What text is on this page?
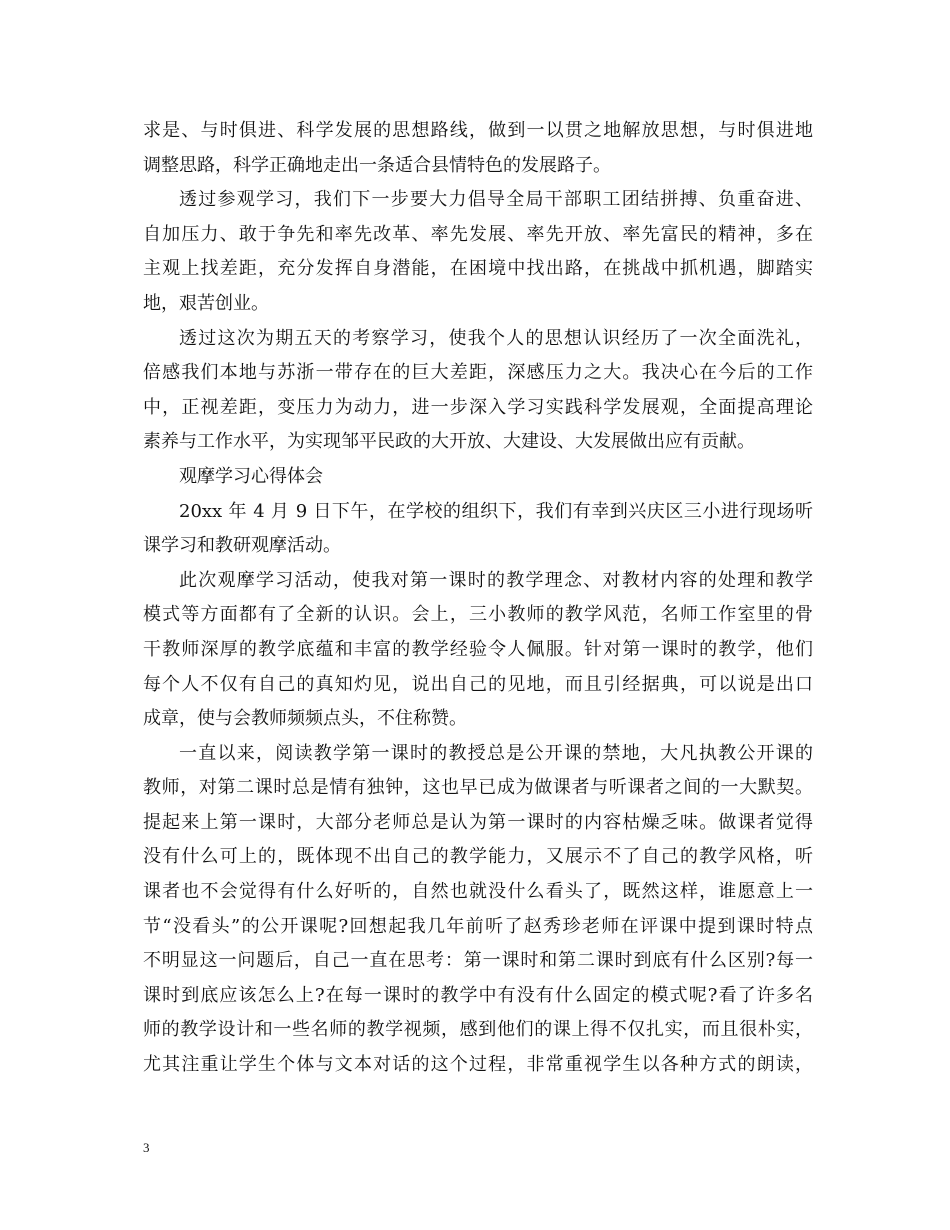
求是、与时俱进、科学发展的思想路线，做到一以贯之地解放思想，与时俱进地
调整思路，科学正确地走出一条适合县情特色的发展路子。
透过参观学习，我们下一步要大力倡导全局干部职工团结拼搏、负重奋进、
自加压力、敢于争先和率先改革、率先发展、率先开放、率先富民的精神，多在
主观上找差距，充分发挥自身潜能，在困境中找出路，在挑战中抓机遇，脚踏实
地，艰苦创业。
透过这次为期五天的考察学习，使我个人的思想认识经历了一次全面洗礼，
倍感我们本地与苏浙一带存在的巨大差距，深感压力之大。我决心在今后的工作
中，正视差距，变压力为动力，进一步深入学习实践科学发展观，全面提高理论
素养与工作水平，为实现邹平民政的大开放、大建设、大发展做出应有贡献。
观摩学习心得体会
20xx 年 4 月 9 日下午，在学校的组织下，我们有幸到兴庆区三小进行现场听
课学习和教研观摩活动。
此次观摩学习活动，使我对第一课时的教学理念、对教材内容的处理和教学
模式等方面都有了全新的认识。会上，三小教师的教学风范，名师工作室里的骨
干教师深厚的教学底蕴和丰富的教学经验令人佩服。针对第一课时的教学，他们
每个人不仅有自己的真知灼见，说出自己的见地，而且引经据典，可以说是出口
成章，使与会教师频频点头，不住称赞。
一直以来，阅读教学第一课时的教授总是公开课的禁地，大凡执教公开课的
教师，对第二课时总是情有独钟，这也早已成为做课者与听课者之间的一大默契。
提起来上第一课时，大部分老师总是认为第一课时的内容枯燥乏味。做课者觉得
没有什么可上的，既体现不出自己的教学能力，又展示不了自己的教学风格，听
课者也不会觉得有什么好听的，自然也就没什么看头了，既然这样，谁愿意上一
节“没看头”的公开课呢?回想起我几年前听了赵秀珍老师在评课中提到课时特点
不明显这一问题后，自己一直在思考：第一课时和第二课时到底有什么区别?每一
课时到底应该怎么上?在每一课时的教学中有没有什么固定的模式呢?看了许多名
师的教学设计和一些名师的教学视频，感到他们的课上得不仅扎实，而且很朴实，
尤其注重让学生个体与文本对话的这个过程，非常重视学生以各种方式的朗读，
3
